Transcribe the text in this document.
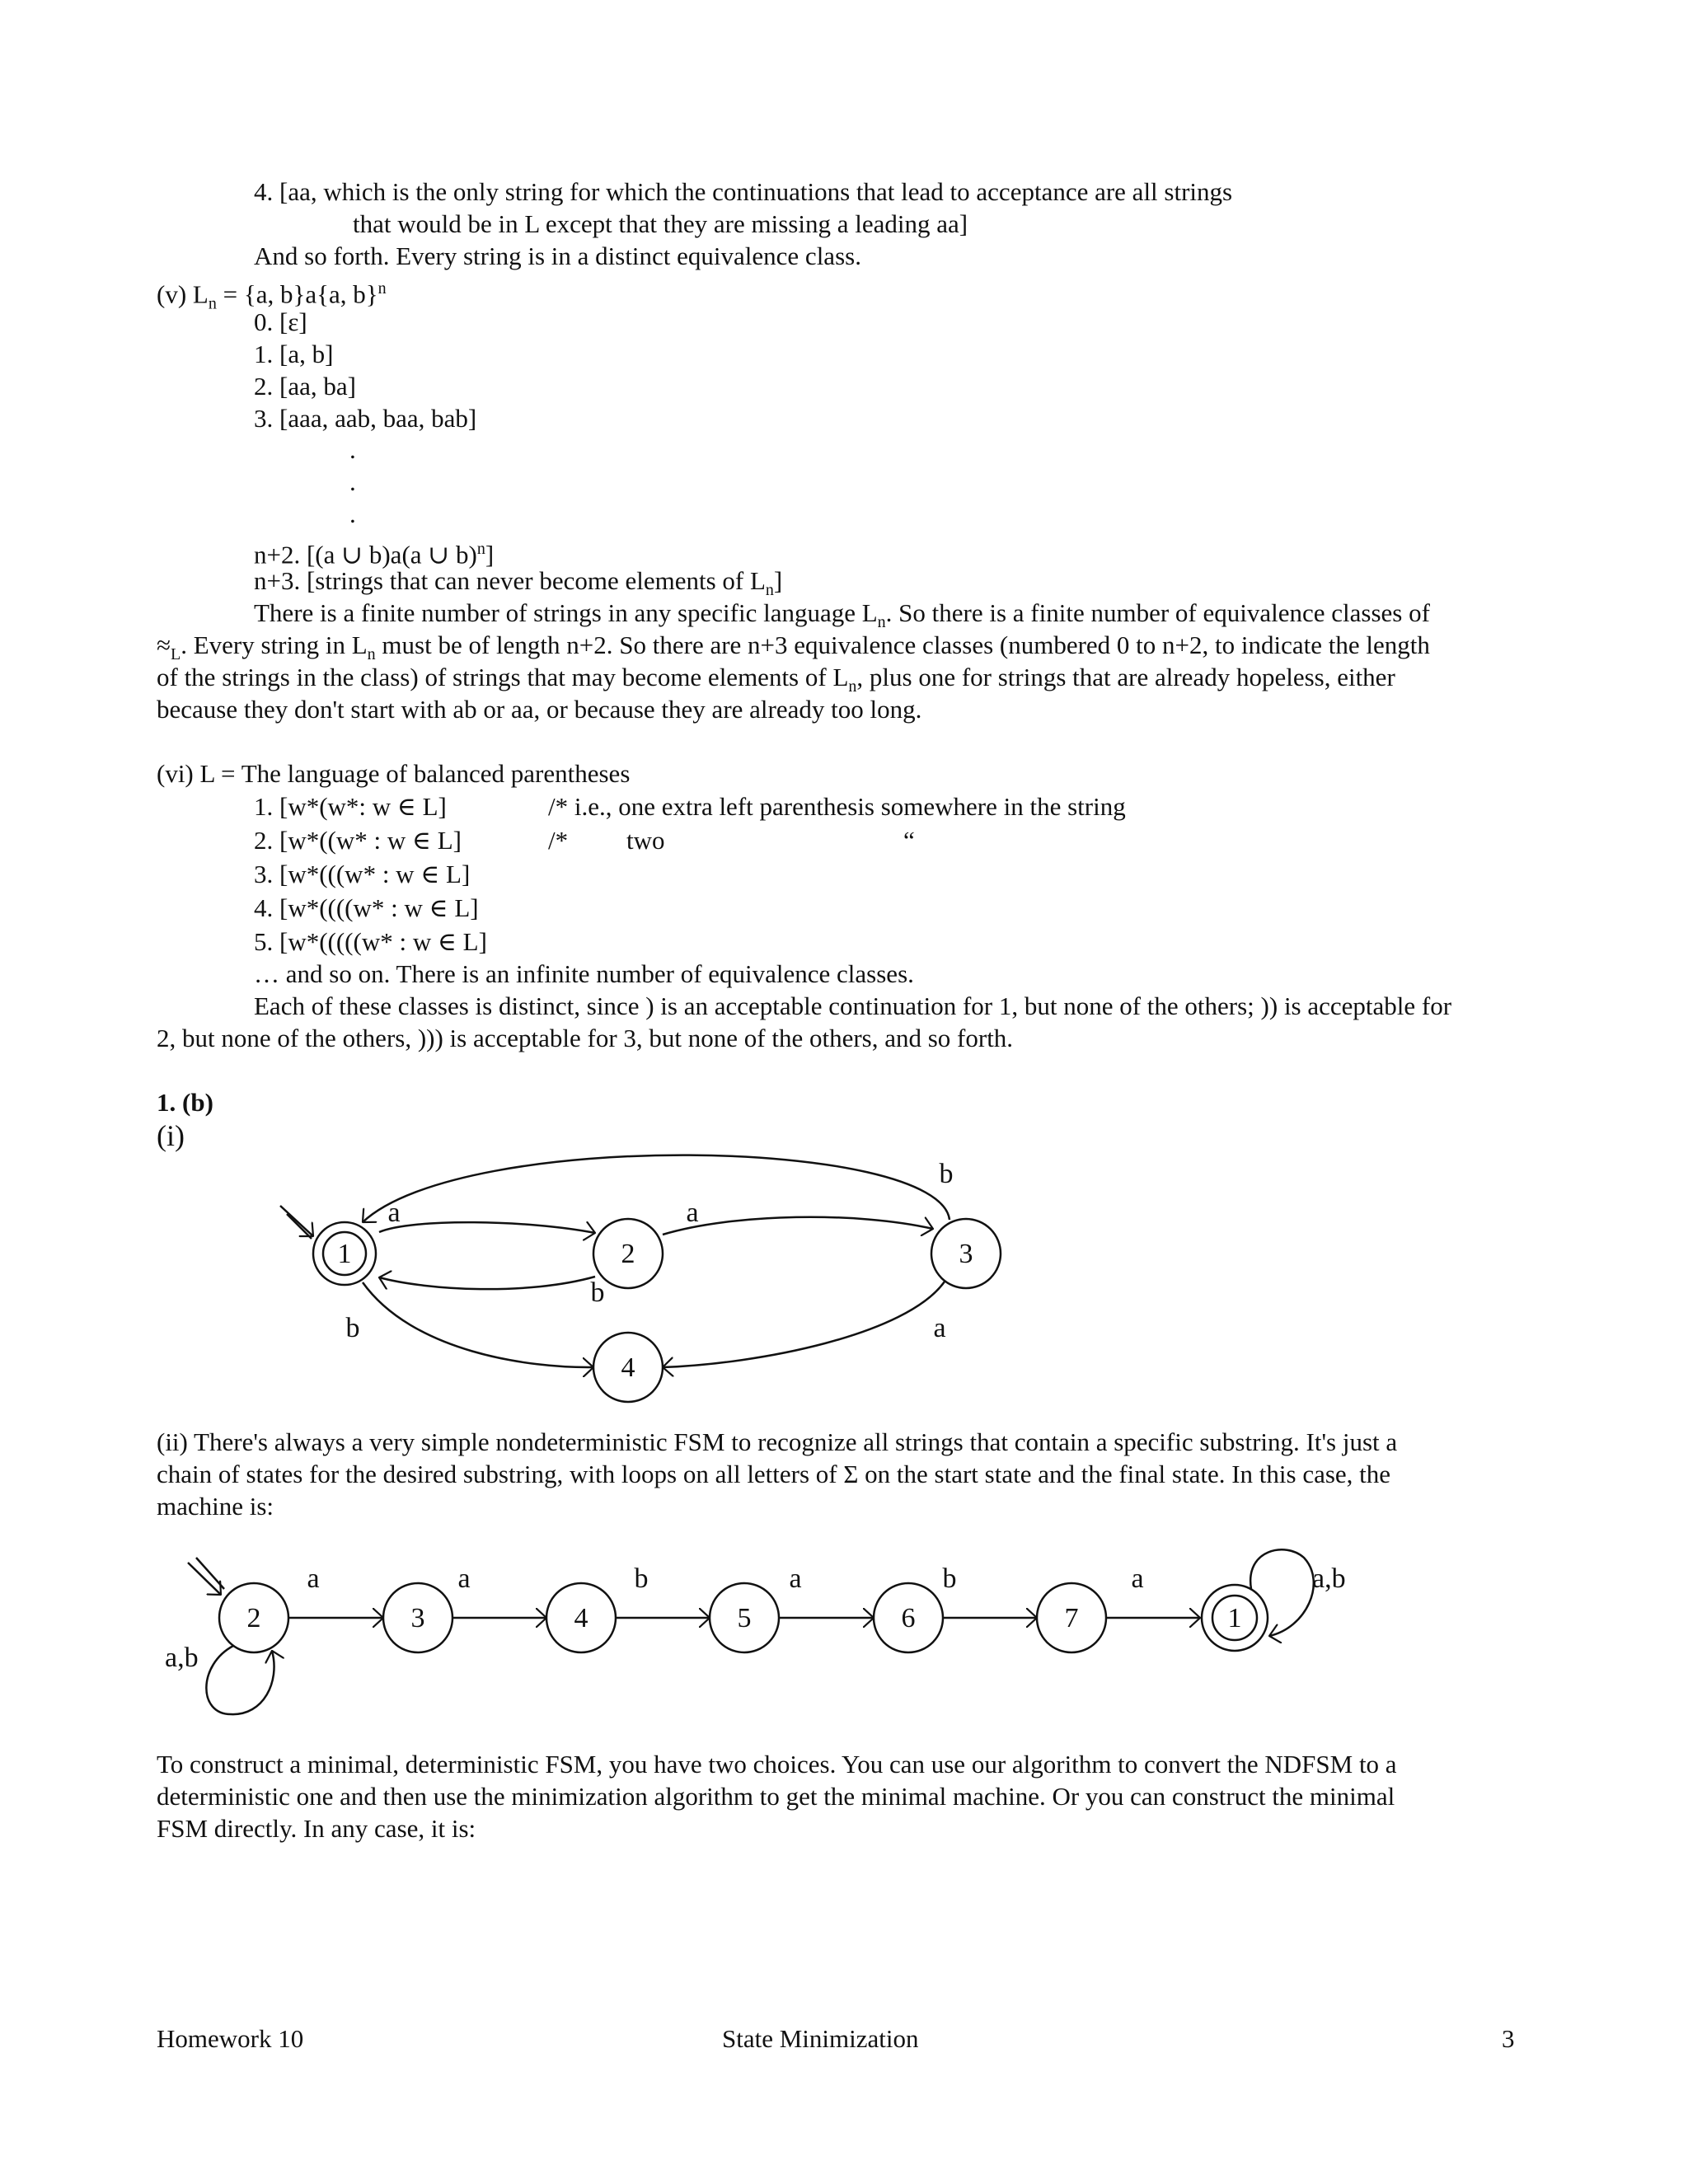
4. [aa, which is the only string for which the continuations that lead to acceptance are all strings
that would be in L except that they are missing a leading aa]
And so forth. Every string is in a distinct equivalence class.
(v) $L_n = \{a$, b}a{a, b}$^n$
0. [ε]
1. [a, b]
2. [aa, ba]
3. [aaa, aab, baa, bab]
.
.
.
n+2. [(a ∪ b)a(a ∪ b)$^n$]
n+3. [strings that can never become elements of $L_n$]
There is a finite number of strings in any specific language $L_n$. So there is a finite number of equivalence classes of
$\approx_L$. Every string in $L_n$ must be of length n+2. So there are n+3 equivalence classes (numbered 0 to n+2, to indicate the length
of the strings in the class) of strings that may become elements of $L_n$, plus one for strings that are already hopeless, either
because they don't start with ab or aa, or because they are already too long.
(vi) L = The language of balanced parentheses
1. [w*(w*: w ∈ L]	/* i.e., one extra left parenthesis somewhere in the string
2. [w*((w* : w ∈ L]	/* two	“
3. [w*(((w* : w ∈ L]
4. [w*((((w* : w ∈ L]
5. [w*(((((w* : w ∈ L]
… and so on. There is an infinite number of equivalence classes.
Each of these classes is distinct, since ) is an acceptable continuation for 1, but none of the others; )) is acceptable for
2, but none of the others, ))) is acceptable for 3, but none of the others, and so forth.
1. (b)
(i)
1	2	3
4
a	a
b
b
b	a
(ii) There's always a very simple nondeterministic FSM to recognize all strings that contain a specific substring. It's just a
chain of states for the desired substring, with loops on all letters of Σ on the start state and the final state. In this case, the
machine is:
2	3	4	5	6	7	1
a	a	b	a	b	a
a,b
a,b
To construct a minimal, deterministic FSM, you have two choices. You can use our algorithm to convert the NDFSM to a
deterministic one and then use the minimization algorithm to get the minimal machine. Or you can construct the minimal
FSM directly. In any case, it is:
Homework 10	State Minimization	3
